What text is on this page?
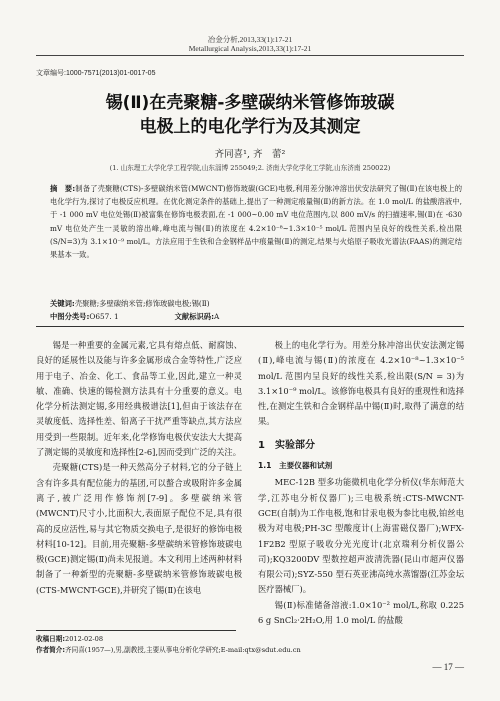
冶金分析,2013,33(1):17-21
Metallurgical Analysis,2013,33(1):17-21
文章编号:1000-7571(2013)01-0017-05
锡(Ⅱ)在壳聚糖-多壁碳纳米管修饰玻碳
电极上的电化学行为及其测定
齐同喜¹, 齐　蕾²
(1. 山东理工大学化学工程学院,山东淄博 255049;2. 济南大学化学化工学院,山东济南 250022)
摘　要:制备了壳聚糖(CTS)-多壁碳纳米管(MWCNT)修饰玻碳(GCE)电极,利用差分脉冲溶出伏安法研究了锡(Ⅱ)在该电极上的电化学行为,探讨了电极反应机理。在优化测定条件的基础上,提出了一种测定痕量锡(Ⅱ)的新方法。在 1.0 mol/L 的盐酸溶液中,于 -1 000 mV 电位处锡(Ⅱ)被富集在修饰电极表面,在 -1 000~0.00 mV 电位范围内,以 800 mV/s 的扫描速率,锡(Ⅱ)在 -630 mV 电位处产生一灵敏的溶出峰,峰电流与锡(Ⅱ)的浓度在 4.2×10⁻⁸~1.3×10⁻⁵ mol/L 范围内呈良好的线性关系,检出限(S/N=3)为 3.1×10⁻⁹ mol/L。方法应用于生铁和合金钢样品中痕量锡(Ⅱ)的测定,结果与火焰原子吸收光谱法(FAAS)的测定结果基本一致。
关键词:壳聚糖;多壁碳纳米管;修饰玻碳电极;锡(Ⅱ)
中图分类号:O657. 1	文献标识码:A

锡是一种重要的金属元素,它具有熔点低、耐腐蚀、良好的延展性以及能与许多金属形成合金等特性,广泛应用于电子、冶金、化工、食品等工业,因此,建立一种灵敏、准确、快速的锡检测方法具有十分重要的意义。电化学分析法测定锡,多用经典极谱法[1],但由于该法存在灵敏度低、选择性差、铅离子干扰严重等缺点,其方法应用受到一些限制。近年来,化学修饰电极伏安法大大提高了测定锡的灵敏度和选择性[2-6],因而受到广泛的关注。

壳聚糖(CTS)是一种天然高分子材料,它的分子链上含有许多具有配位能力的基团,可以螯合或吸附许多金属离子,被广泛用作修饰剂[7-9]。多壁碳纳米管(MWCNT)尺寸小,比面积大,表面原子配位不足,具有很高的反应活性,易与其它物质交换电子,是很好的修饰电极材料[10-12]。目前,用壳聚糖-多壁碳纳米管修饰玻碳电极(GCE)测定锡(Ⅱ)尚未见报道。本文利用上述两种材料制备了一种新型的壳聚糖-多壁碳纳米管修饰玻碳电极(CTS-MWCNT-GCE),并研究了锡(Ⅱ)在该电

极上的电化学行为。用差分脉冲溶出伏安法测定锡(Ⅱ),峰电流与锡(Ⅱ)的浓度在 4.2×10⁻⁸~1.3×10⁻⁵ mol/L 范围内呈良好的线性关系,检出限(S/N = 3)为 3.1×10⁻⁹ mol/L。该修饰电极具有良好的重现性和选择性,在测定生铁和合金钢样品中锡(Ⅱ)时,取得了满意的结果。

1　实验部分
1.1　主要仪器和试剂

MEC-12B 型多功能微机电化学分析仪(华东师范大学,江苏电分析仪器厂);三电极系统:CTS-MWCNT-GCE(自制)为工作电极,饱和甘汞电极为参比电极,铂丝电极为对电极;PH-3C 型酸度计(上海雷磁仪器厂);WFX-1F2B2 型原子吸收分光光度计(北京瑞利分析仪器公司);KQ3200DV 型数控超声波清洗器(昆山市超声仪器有限公司);SYZ-550 型石英亚沸高纯水蒸馏器(江苏金坛医疗器械厂)。

锡(Ⅱ)标准储备溶液:1.0×10⁻² mol/L,称取 0.225 6 g SnCl₂·2H₂O,用 1.0 mol/L 的盐酸

收稿日期:2012-02-08
作者简介:齐同喜(1957—),男,副教授,主要从事电分析化学研究;E-mail:qtx@sdut.edu.cn
— 17 —
